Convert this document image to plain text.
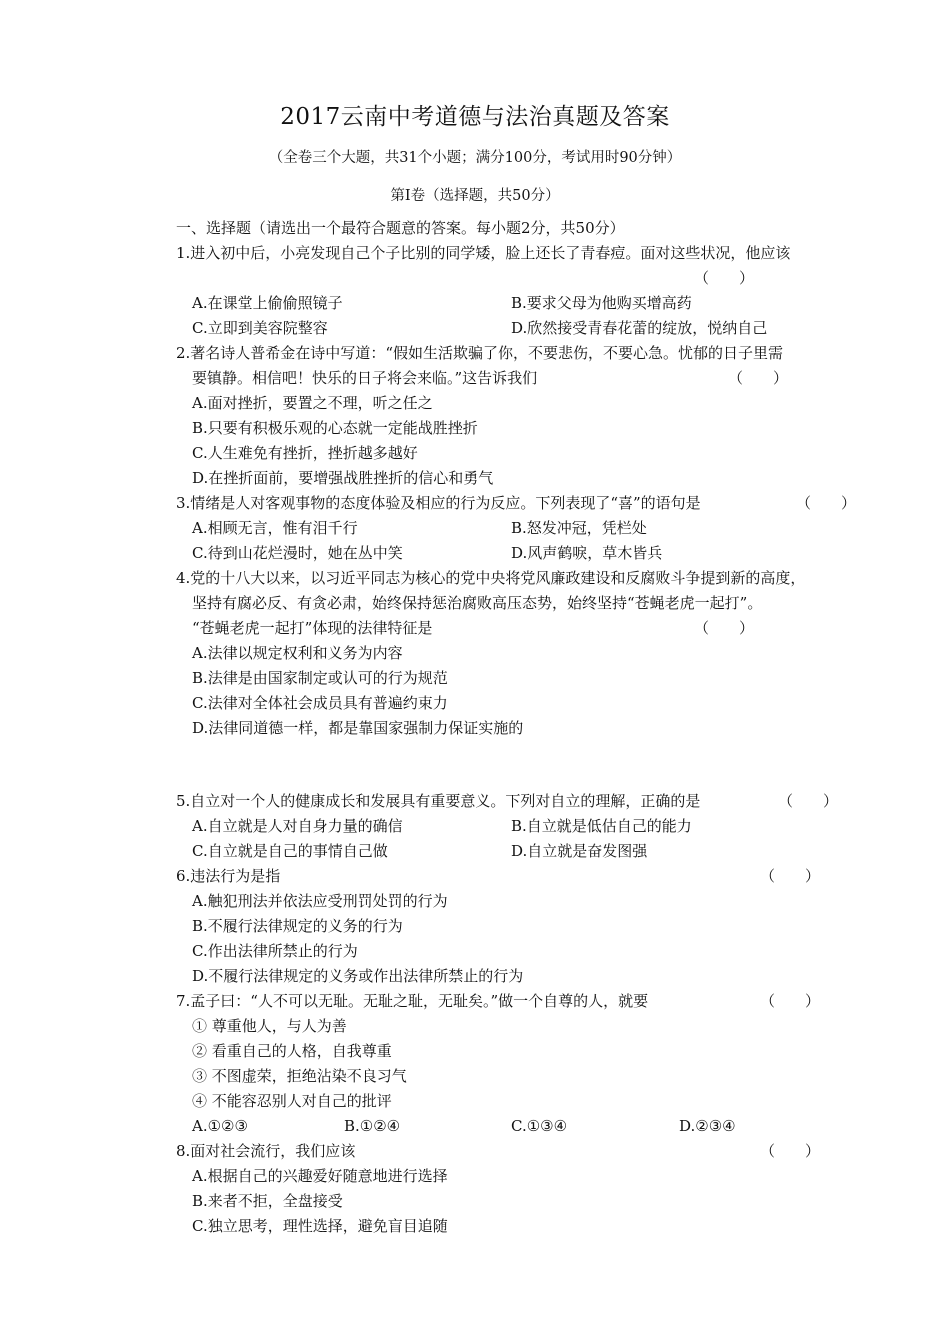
2017云南中考道德与法治真题及答案
（全卷三个大题，共31个小题；满分100分，考试用时90分钟）
第Ⅰ卷（选择题，共50分）
一、选择题（请选出一个最符合题意的答案。每小题2分，共50分）
1.进入初中后，小亮发现自己个子比别的同学矮，脸上还长了青春痘。面对这些状况，他应该
（　　）
A.在课堂上偷偷照镜子	B.要求父母为他购买增高药
C.立即到美容院整容	D.欣然接受青春花蕾的绽放，悦纳自己
2.著名诗人普希金在诗中写道：“假如生活欺骗了你，不要悲伤，不要心急。忧郁的日子里需
要镇静。相信吧！快乐的日子将会来临。”这告诉我们	（　　）
A.面对挫折，要置之不理，听之任之
B.只要有积极乐观的心态就一定能战胜挫折
C.人生难免有挫折，挫折越多越好
D.在挫折面前，要增强战胜挫折的信心和勇气
3.情绪是人对客观事物的态度体验及相应的行为反应。下列表现了“喜”的语句是	（　　）
A.相顾无言，惟有泪千行	B.怒发冲冠，凭栏处
C.待到山花烂漫时，她在丛中笑	D.风声鹤唳，草木皆兵
4.党的十八大以来，以习近平同志为核心的党中央将党风廉政建设和反腐败斗争提到新的高度，
坚持有腐必反、有贪必肃，始终保持惩治腐败高压态势，始终坚持“苍蝇老虎一起打”。
“苍蝇老虎一起打”体现的法律特征是	（　　）
A.法律以规定权利和义务为内容
B.法律是由国家制定或认可的行为规范
C.法律对全体社会成员具有普遍约束力
D.法律同道德一样，都是靠国家强制力保证实施的
5.自立对一个人的健康成长和发展具有重要意义。下列对自立的理解，正确的是	（　　）
A.自立就是人对自身力量的确信	B.自立就是低估自己的能力
C.自立就是自己的事情自己做	D.自立就是奋发图强
6.违法行为是指	（　　）
A.触犯刑法并依法应受刑罚处罚的行为
B.不履行法律规定的义务的行为
C.作出法律所禁止的行为
D.不履行法律规定的义务或作出法律所禁止的行为
7.孟子曰：“人不可以无耻。无耻之耻，无耻矣。”做一个自尊的人，就要	（　　）
① 尊重他人，与人为善
② 看重自己的人格，自我尊重
③ 不图虚荣，拒绝沾染不良习气
④ 不能容忍别人对自己的批评
A.①②③	B.①②④	C.①③④	D.②③④
8.面对社会流行，我们应该	（　　）
A.根据自己的兴趣爱好随意地进行选择
B.来者不拒，全盘接受
C.独立思考，理性选择，避免盲目追随
